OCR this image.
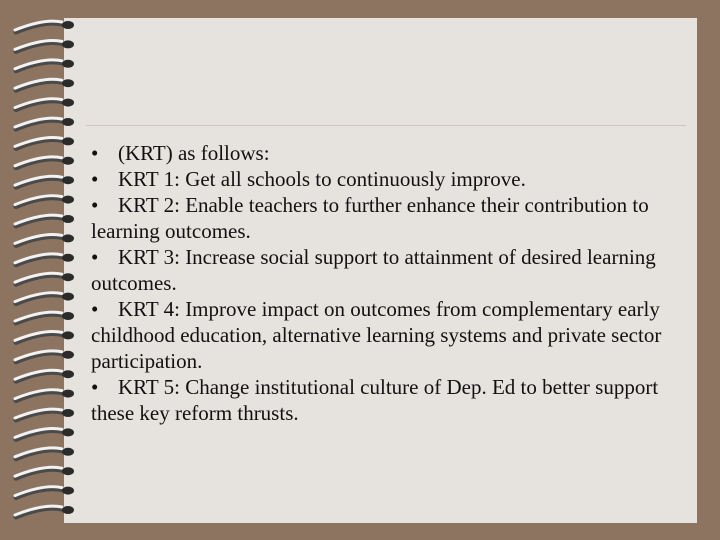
• (KRT) as follows:

• KRT 1: Get all schools to continuously improve.

• KRT 2: Enable teachers to further enhance their contribution to learning outcomes.

• KRT 3: Increase social support to attainment of desired learning outcomes.

• KRT 4: Improve impact on outcomes from complementary early childhood education, alternative learning systems and private sector participation.

• KRT 5: Change institutional culture of Dep. Ed to better support these key reform thrusts.
